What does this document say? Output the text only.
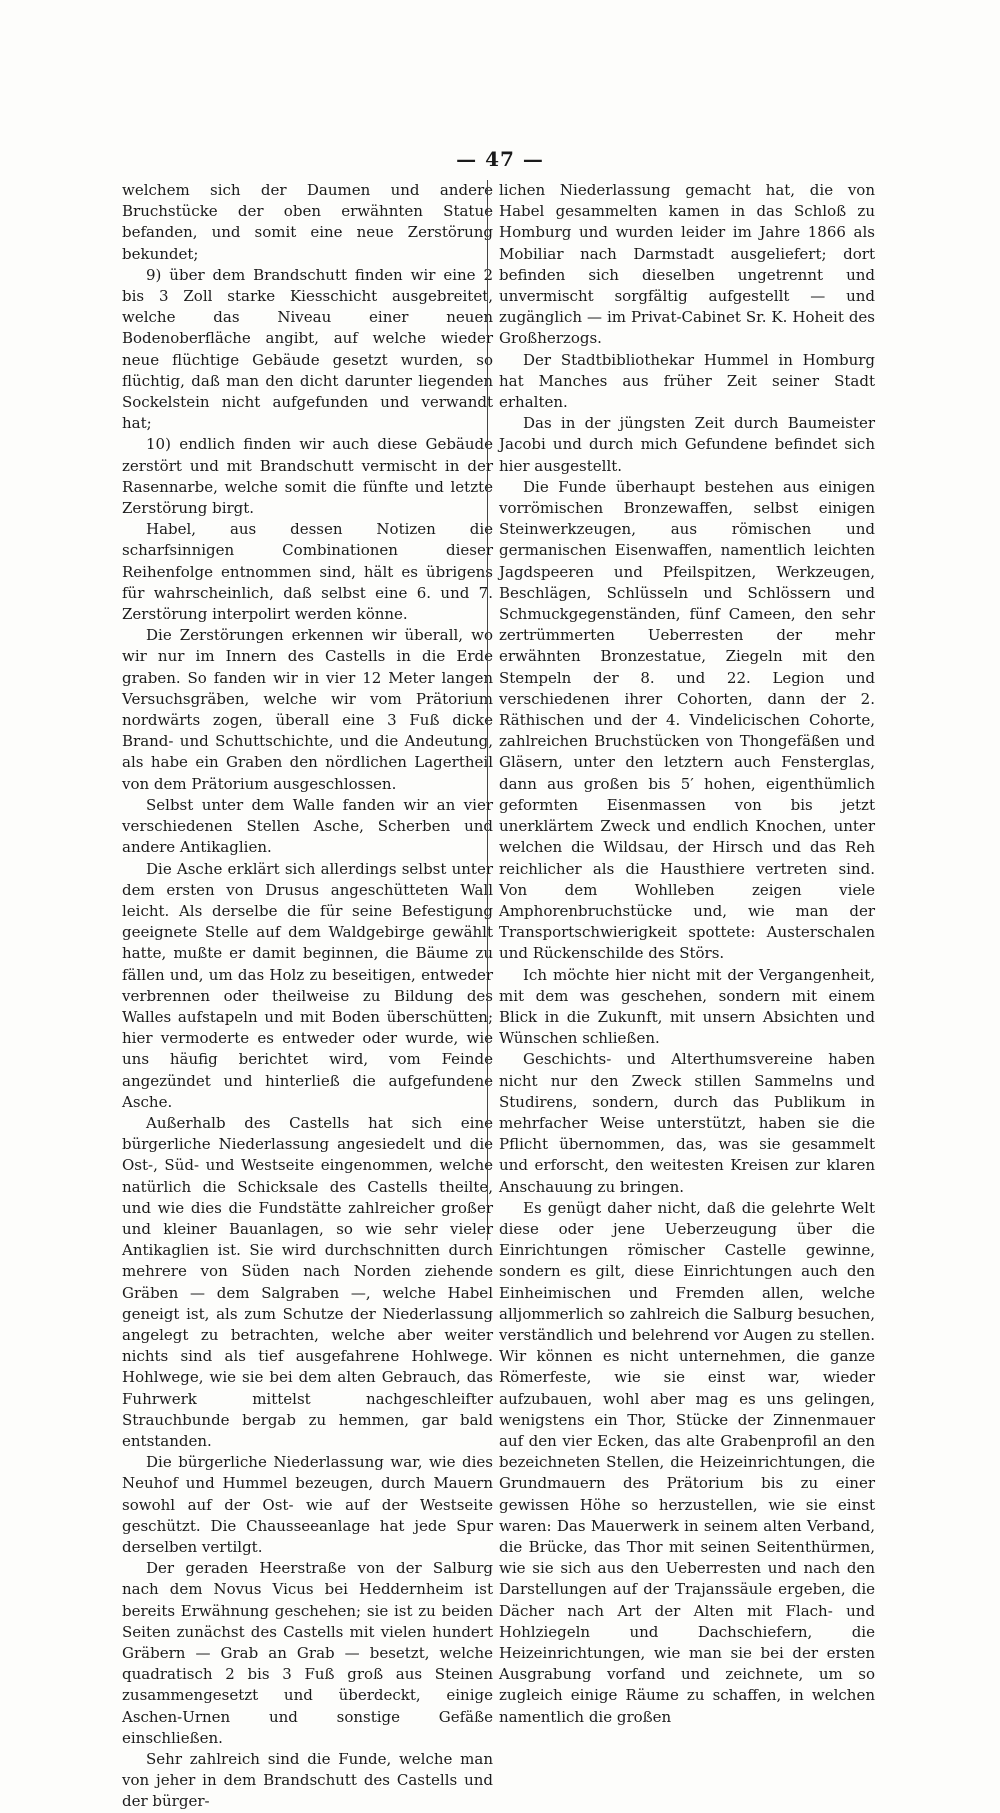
— 47 —

welchem sich der Daumen und andere Bruchstücke der oben erwähnten Statue befanden, und somit eine neue Zerstörung bekundet;

9) über dem Brandschutt finden wir eine 2 bis 3 Zoll starke Kiesschicht ausgebreitet, welche das Niveau einer neuen Bodenoberfläche angibt, auf welche wieder neue flüchtige Gebäude gesetzt wurden, so flüchtig, daß man den dicht darunter liegenden Sockelstein nicht aufgefunden und verwandt hat;

10) endlich finden wir auch diese Gebäude zerstört und mit Brandschutt vermischt in der Rasennarbe, welche somit die fünfte und letzte Zerstörung birgt.

Habel, aus dessen Notizen die scharfsinnigen Combinationen dieser Reihenfolge entnommen sind, hält es übrigens für wahrscheinlich, daß selbst eine 6. und 7. Zerstörung interpolirt werden könne.

Die Zerstörungen erkennen wir überall, wo wir nur im Innern des Castells in die Erde graben. So fanden wir in vier 12 Meter langen Versuchsgräben, welche wir vom Prätorium nordwärts zogen, überall eine 3 Fuß dicke Brand- und Schuttschichte, und die Andeutung, als habe ein Graben den nördlichen Lagertheil von dem Prätorium ausgeschlossen.

Selbst unter dem Walle fanden wir an vier verschiedenen Stellen Asche, Scherben und andere Antikaglien.

Die Asche erklärt sich allerdings selbst unter dem ersten von Drusus angeschütteten Wall leicht. Als derselbe die für seine Befestigung geeignete Stelle auf dem Waldgebirge gewählt hatte, mußte er damit beginnen, die Bäume zu fällen und, um das Holz zu beseitigen, entweder verbrennen oder theilweise zu Bildung des Walles aufstapeln und mit Boden überschütten; hier vermoderte es entweder oder wurde, wie uns häufig berichtet wird, vom Feinde angezündet und hinterließ die aufgefundene Asche.

Außerhalb des Castells hat sich eine bürgerliche Niederlassung angesiedelt und die Ost-, Süd- und Westseite eingenommen, welche natürlich die Schicksale des Castells theilte, und wie dies die Fundstätte zahlreicher großer und kleiner Bauanlagen, so wie sehr vieler Antikaglien ist. Sie wird durchschnitten durch mehrere von Süden nach Norden ziehende Gräben — dem Salgraben —, welche Habel geneigt ist, als zum Schutze der Niederlassung angelegt zu betrachten, welche aber weiter nichts sind als tief ausgefahrene Hohlwege. Hohlwege, wie sie bei dem alten Gebrauch, das Fuhrwerk mittelst nachgeschleifter Strauchbunde bergab zu hemmen, gar bald entstanden.

Die bürgerliche Niederlassung war, wie dies Neuhof und Hummel bezeugen, durch Mauern sowohl auf der Ost- wie auf der Westseite geschützt. Die Chausseeanlage hat jede Spur derselben vertilgt.

Der geraden Heerstraße von der Salburg nach dem Novus Vicus bei Heddernheim ist bereits Erwähnung geschehen; sie ist zu beiden Seiten zunächst des Castells mit vielen hundert Gräbern — Grab an Grab — besetzt, welche quadratisch 2 bis 3 Fuß groß aus Steinen zusammengesetzt und überdeckt, einige Aschen-Urnen und sonstige Gefäße einschließen.

Sehr zahlreich sind die Funde, welche man von jeher in dem Brandschutt des Castells und der bürger-

lichen Niederlassung gemacht hat, die von Habel gesammelten kamen in das Schloß zu Homburg und wurden leider im Jahre 1866 als Mobiliar nach Darmstadt ausgeliefert; dort befinden sich dieselben ungetrennt und unvermischt sorgfältig aufgestellt — und zugänglich — im Privat-Cabinet Sr. K. Hoheit des Großherzogs.

Der Stadtbibliothekar Hummel in Homburg hat Manches aus früher Zeit seiner Stadt erhalten.

Das in der jüngsten Zeit durch Baumeister Jacobi und durch mich Gefundene befindet sich hier ausgestellt.

Die Funde überhaupt bestehen aus einigen vorrömischen Bronzewaffen, selbst einigen Steinwerkzeugen, aus römischen und germanischen Eisenwaffen, namentlich leichten Jagdspeeren und Pfeilspitzen, Werkzeugen, Beschlägen, Schlüsseln und Schlössern und Schmuckgegenständen, fünf Cameen, den sehr zertrümmerten Ueberresten der mehr erwähnten Bronzestatue, Ziegeln mit den Stempeln der 8. und 22. Legion und verschiedenen ihrer Cohorten, dann der 2. Räthischen und der 4. Vindelicischen Cohorte, zahlreichen Bruchstücken von Thongefäßen und Gläsern, unter den letztern auch Fensterglas, dann aus großen bis 5′ hohen, eigenthümlich geformten Eisenmassen von bis jetzt unerklärtem Zweck und endlich Knochen, unter welchen die Wildsau, der Hirsch und das Reh reichlicher als die Hausthiere vertreten sind. Von dem Wohlleben zeigen viele Amphorenbruchstücke und, wie man der Transportschwierigkeit spottete: Austerschalen und Rückenschilde des Störs.

Ich möchte hier nicht mit der Vergangenheit, mit dem was geschehen, sondern mit einem Blick in die Zukunft, mit unsern Absichten und Wünschen schließen.

Geschichts- und Alterthumsvereine haben nicht nur den Zweck stillen Sammelns und Studirens, sondern, durch das Publikum in mehrfacher Weise unterstützt, haben sie die Pflicht übernommen, das, was sie gesammelt und erforscht, den weitesten Kreisen zur klaren Anschauung zu bringen.

Es genügt daher nicht, daß die gelehrte Welt diese oder jene Ueberzeugung über die Einrichtungen römischer Castelle gewinne, sondern es gilt, diese Einrichtungen auch den Einheimischen und Fremden allen, welche alljommerlich so zahlreich die Salburg besuchen, verständlich und belehrend vor Augen zu stellen. Wir können es nicht unternehmen, die ganze Römerfeste, wie sie einst war, wieder aufzubauen, wohl aber mag es uns gelingen, wenigstens ein Thor, Stücke der Zinnenmauer auf den vier Ecken, das alte Grabenprofil an den bezeichneten Stellen, die Heizeinrichtungen, die Grundmauern des Prätorium bis zu einer gewissen Höhe so herzustellen, wie sie einst waren: Das Mauerwerk in seinem alten Verband, die Brücke, das Thor mit seinen Seitenthürmen, wie sie sich aus den Ueberresten und nach den Darstellungen auf der Trajanssäule ergeben, die Dächer nach Art der Alten mit Flach- und Hohlziegeln und Dachschiefern, die Heizeinrichtungen, wie man sie bei der ersten Ausgrabung vorfand und zeichnete, um so zugleich einige Räume zu schaffen, in welchen namentlich die großen
